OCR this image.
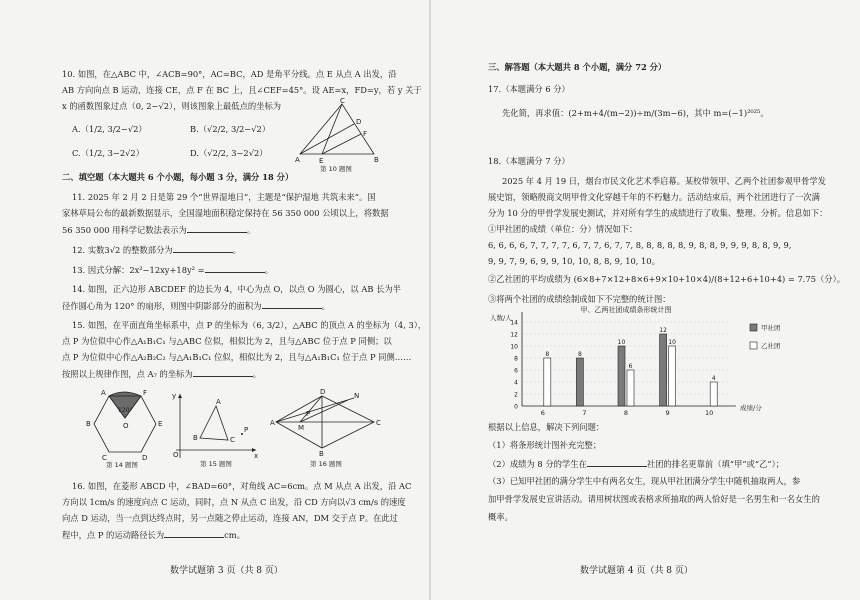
10. 如图，在△ABC 中，∠ACB=90°，AC=BC，AD 是角平分线。点 E 从点 A 出发，沿
AB 方向向点 B 运动，连接 CE，点 F 在 BC 上，且∠CEF=45°。设 AE=x，FD=y，若 y 关于
x 的函数图象过点（0, 2−√2），则该图象上最低点的坐标为
A.（1/2, 3/2−√2）	B.（√2/2, 3/2−√2）
C.（1/2, 3−2√2）	D.（√2/2, 3−2√2）
C
A	E	B
D
F
第 10 题图
二、填空题（本大题共 6 个小题，每小题 3 分，满分 18 分）
11. 2025 年 2 月 2 日是第 29 个“世界湿地日”，主题是“保护湿地 共筑未来”。国
家林草局公布的最新数据显示，全国湿地面积稳定保持在 56 350 000 公顷以上，将数据
56 350 000 用科学记数法表示为	。
12. 实数3√2 的整数部分为	。
13. 因式分解：2x²−12xy+18y² =	。
14. 如图，正六边形 ABCDEF 的边长为 4，中心为点 O，以点 O 为圆心，以 AB 长为半
径作圆心角为 120° 的扇形，则图中阴影部分的面积为	。
15. 如图，在平面直角坐标系中，点 P 的坐标为（6, 3/2），△ABC 的顶点 A 的坐标为（4, 3），
点 P 为位似中心作△A₁B₁C₁ 与△ABC 位似，相似比为 2，且与△ABC 位于点 P 同侧；以
点 P 为位似中心作△A₂B₂C₂ 与△A₁B₁C₁ 位似，相似比为 2，且与△A₁B₁C₁ 位于点 P 同侧……
按照以上规律作图，点 A₇ 的坐标为	。
A	F
B	E
C	D
O
120°
第 14 题图
A
B	C
P
y
x
O
第 15 题图
A
D
C
B
N
M
P
第 16 题图
16. 如图，在菱形 ABCD 中，∠BAD=60°，对角线 AC=6cm。点 M 从点 A 出发，沿 AC
方向以 1cm/s 的速度向点 C 运动，同时，点 N 从点 C 出发，沿 CD 方向以√3 cm/s 的速度
向点 D 运动，当一点到达终点时，另一点随之停止运动，连接 AN，DM 交于点 P。在此过
程中，点 P 的运动路径长为	cm。
数学试题第 3 页（共 8 页）
三、解答题（本大题共 8 个小题，满分 72 分）
17.（本题满分 6 分）
先化简，再求值：(2+m+4/(m−2))÷m/(3m−6)，其中 m=(−1)²⁰²⁵。
18.（本题满分 7 分）
2025 年 4 月 19 日，烟台市民文化艺术季启幕。某校带领甲、乙两个社团参观甲骨学发
展史馆，领略殷商文明甲骨文化穿越千年的不朽魅力。活动结束后，两个社团进行了一次满
分为 10 分的甲骨学发展史测试，并对所有学生的成绩进行了收集、整理、分析。信息如下：
①甲社团的成绩（单位：分）情况如下：
6, 6, 6, 6, 7, 7, 7, 7, 6, 7, 7, 6, 7, 7, 8, 8, 8, 8, 8, 9, 8, 8, 9, 9, 9, 8, 8, 9, 9,
9, 9, 7, 9, 6, 9, 9, 10, 10, 8, 8, 9, 10, 10。
②乙社团的平均成绩为 (6×8+7×12+8×6+9×10+10×4)/(8+12+6+10+4) = 7.75（分）。
③将两个社团的成绩绘制成如下不完整的统计图：
0
2
4
6
8
10
12
14
甲、乙两社团成绩条形统计图
人数/人
成绩/分
6
8
7
8
8
10
6
9
12
10
10
4
甲社团
乙社团
根据以上信息，解决下列问题：
（1）将条形统计图补充完整；
（2）成绩为 8 分的学生在	社团的排名更靠前（填“甲”或“乙”）；
（3）已知甲社团的满分学生中有两名女生，现从甲社团满分学生中随机抽取两人，参
加甲骨学发展史宣讲活动。请用树状图或表格求所抽取的两人恰好是一名男生和一名女生的
概率。
数学试题第 4 页（共 8 页）
